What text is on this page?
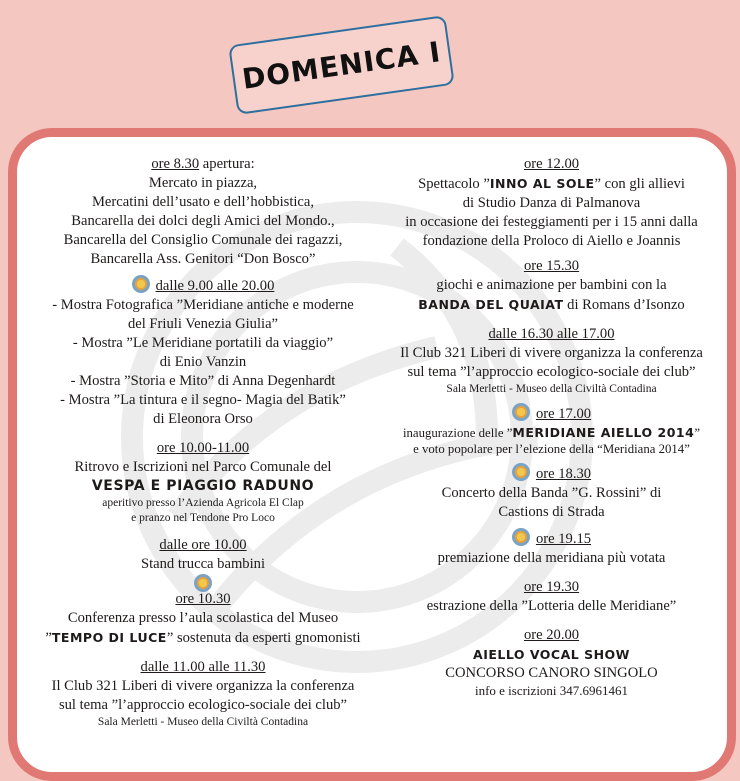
DOMENICA I
ore 8.30 apertura:
Mercato in piazza,
Mercatini dell’usato e dell’hobbistica,
Bancarella dei dolci degli Amici del Mondo.,
Bancarella del Consiglio Comunale dei ragazzi,
Bancarella Ass. Genitori “Don Bosco”
dalle 9.00 alle 20.00
- Mostra Fotografica ”Meridiane antiche e moderne
del Friuli Venezia Giulia”
- Mostra ”Le Meridiane portatili da viaggio”
di Enio Vanzin
- Mostra ”Storia e Mito” di Anna Degenhardt
- Mostra ”La tintura e il segno- Magia del Batik”
di Eleonora Orso
ore 10.00-11.00
Ritrovo e Iscrizioni nel Parco Comunale del
VESPA E PIAGGIO RADUNO
aperitivo presso l’Azienda Agricola El Clap
e pranzo nel Tendone Pro Loco
dalle ore 10.00
Stand trucca bambini
ore 10.30
Conferenza presso l’aula scolastica del Museo
”TEMPO DI LUCE” sostenuta da esperti gnomonisti
dalle 11.00 alle 11.30
Il Club 321 Liberi di vivere organizza la conferenza
sul tema ”l’approccio ecologico-sociale dei club”
Sala Merletti - Museo della Civiltà Contadina
ore 12.00
Spettacolo ”INNO AL SOLE” con gli allievi
di Studio Danza di Palmanova
in occasione dei festeggiamenti per i 15 anni dalla
fondazione della Proloco di Aiello e Joannis
ore 15.30
giochi e animazione per bambini con la
BANDA DEL QUAIAT di Romans d’Isonzo
dalle 16.30 alle 17.00
Il Club 321 Liberi di vivere organizza la conferenza
sul tema ”l’approccio ecologico-sociale dei club”
Sala Merletti - Museo della Civiltà Contadina
ore 17.00
inaugurazione delle ”MERIDIANE AIELLO 2014”
e voto popolare per l’elezione della “Meridiana 2014”
ore 18.30
Concerto della Banda ”G. Rossini” di
Castions di Strada
ore 19.15
premiazione della meridiana più votata
ore 19.30
estrazione della ”Lotteria delle Meridiane”
ore 20.00
AIELLO VOCAL SHOW
CONCORSO CANORO SINGOLO
info e iscrizioni 347.6961461
